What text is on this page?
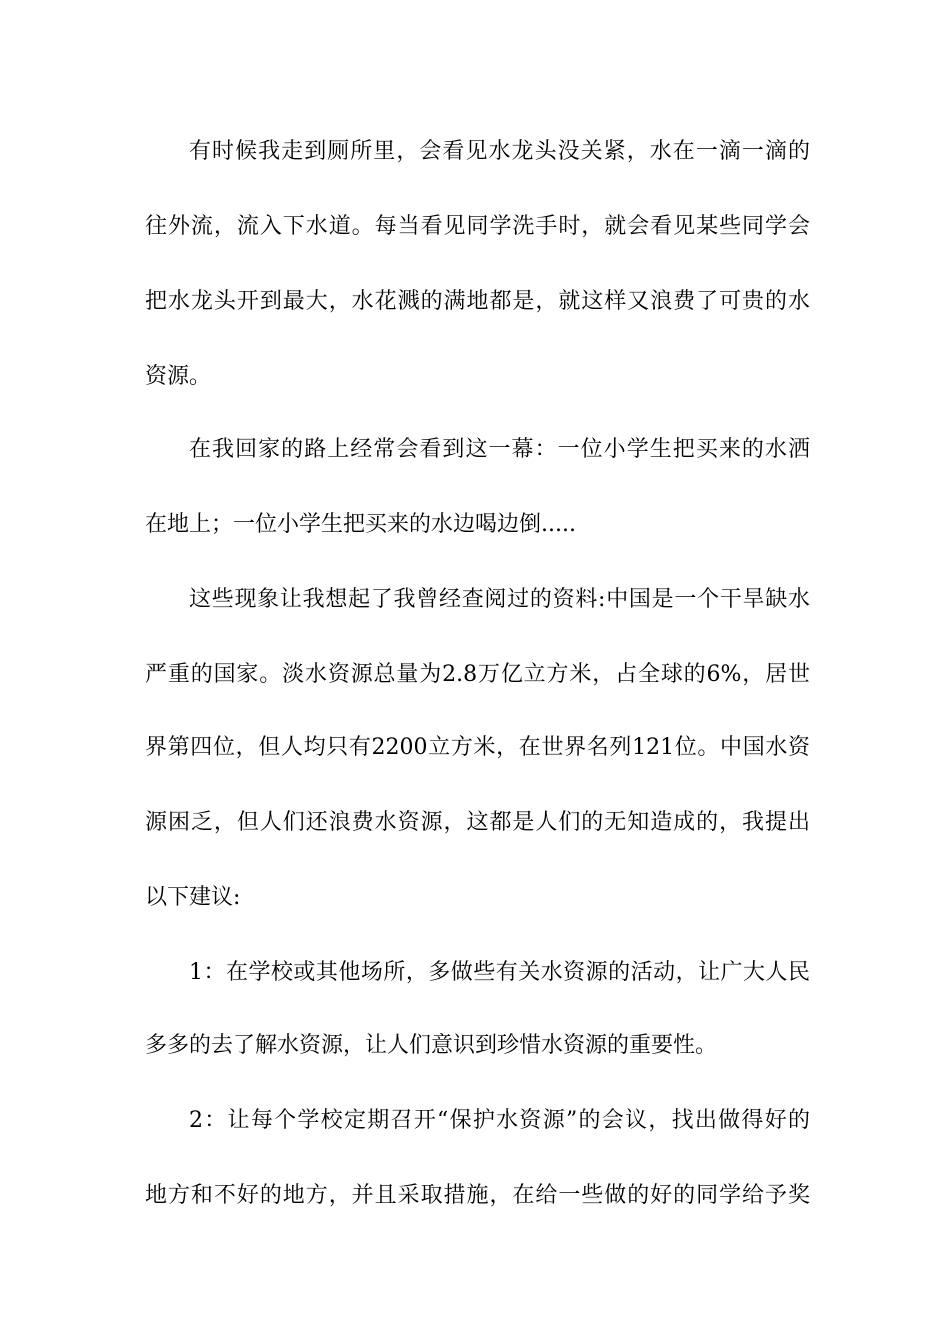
有时候我走到厕所里，会看见水龙头没关紧，水在一滴一滴的
往外流，流入下水道。每当看见同学洗手时，就会看见某些同学会
把水龙头开到最大，水花溅的满地都是，就这样又浪费了可贵的水
资源。
在我回家的路上经常会看到这一幕：一位小学生把买来的水洒
在地上；一位小学生把买来的水边喝边倒.....
这些现象让我想起了我曾经查阅过的资料:中国是一个干旱缺水
严重的国家。淡水资源总量为2.8万亿立方米，占全球的6%，居世
界第四位，但人均只有2200立方米，在世界名列121位。中国水资
源困乏，但人们还浪费水资源，这都是人们的无知造成的，我提出
以下建议:
1：在学校或其他场所，多做些有关水资源的活动，让广大人民
多多的去了解水资源，让人们意识到珍惜水资源的重要性。
2：让每个学校定期召开“保护水资源”的会议，找出做得好的
地方和不好的地方，并且采取措施，在给一些做的好的同学给予奖
